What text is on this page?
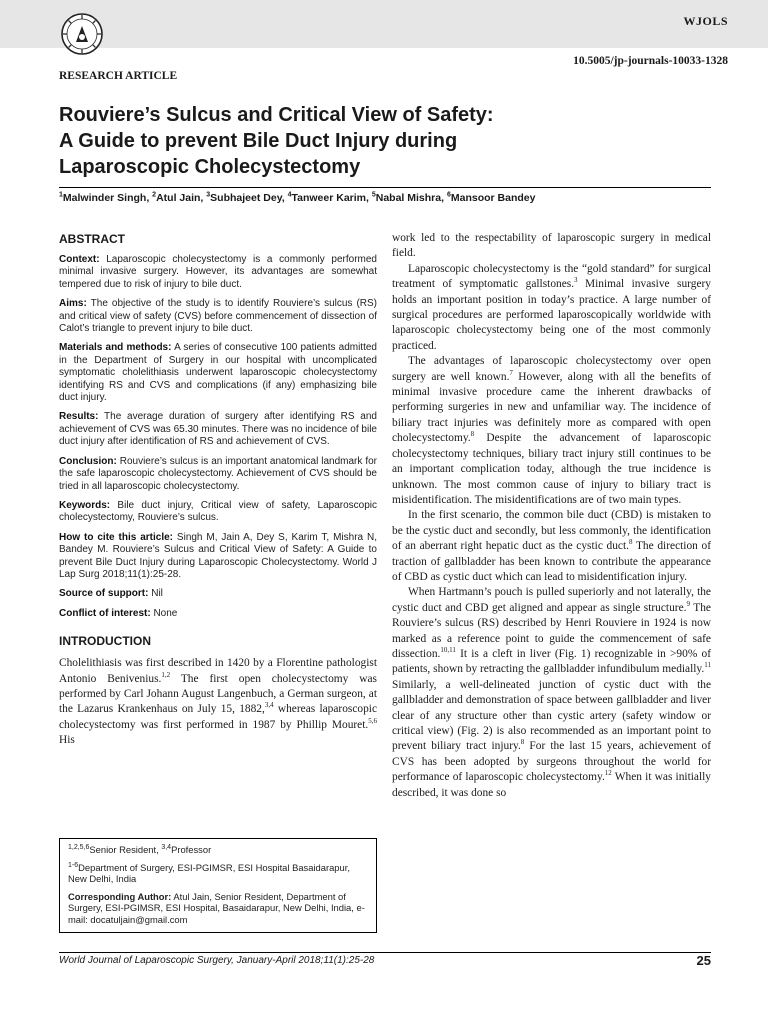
WJOLS
10.5005/jp-journals-10033-1328
RESEARCH ARTICLE
Rouviere’s Sulcus and Critical View of Safety:
A Guide to prevent Bile Duct Injury during
Laparoscopic Cholecystectomy
$^1$Malwinder Singh, $^2$Atul Jain, $^3$Subhajeet Dey, $^4$Tanweer Karim, $^5$Nabal Mishra, $^6$Mansoor Bandey
ABSTRACT

Context: Laparoscopic cholecystectomy is a commonly performed minimal invasive surgery. However, its advantages are somewhat tempered due to risk of injury to bile duct.

Aims: The objective of the study is to identify Rouviere’s sulcus (RS) and critical view of safety (CVS) before commencement of dissection of Calot’s triangle to prevent injury to bile duct.

Materials and methods: A series of consecutive 100 patients admitted in the Department of Surgery in our hospital with uncomplicated symptomatic cholelithiasis underwent laparoscopic cholecystectomy identifying RS and CVS and complications (if any) emphasizing bile duct injury.

Results: The average duration of surgery after identifying RS and achievement of CVS was 65.30 minutes. There was no incidence of bile duct injury after identification of RS and achievement of CVS.

Conclusion: Rouviere’s sulcus is an important anatomical landmark for the safe laparoscopic cholecystectomy. Achievement of CVS should be tried in all laparoscopic cholecystectomy.

Keywords: Bile duct injury, Critical view of safety, Laparoscopic cholecystectomy, Rouviere’s sulcus.

How to cite this article: Singh M, Jain A, Dey S, Karim T, Mishra N, Bandey M. Rouviere’s Sulcus and Critical View of Safety: A Guide to prevent Bile Duct Injury during Laparoscopic Cholecystectomy. World J Lap Surg 2018;11(1):25-28.

Source of support: Nil

Conflict of interest: None

INTRODUCTION

Cholelithiasis was first described in 1420 by a Florentine pathologist Antonio Benivenius.$^{1,2}$ The first open cholecystectomy was performed by Carl Johann August Langenbuch, a German surgeon, at the Lazarus Krankenhaus on July 15, 1882,$^{3,4}$ whereas laparoscopic cholecystectomy was first performed in 1987 by Phillip Mouret.$^{5,6}$ His

$^{1,2,5,6}$Senior Resident, $^{3,4}$Professor

$^{1-6}$Department of Surgery, ESI-PGIMSR, ESI Hospital Basaidarapur, New Delhi, India

Corresponding Author: Atul Jain, Senior Resident, Department of Surgery, ESI-PGIMSR, ESI Hospital, Basaidarapur, New Delhi, India, e-mail: docatuljain@gmail.com

work led to the respectability of laparoscopic surgery in medical field.

Laparoscopic cholecystectomy is the “gold standard” for surgical treatment of symptomatic gallstones.$^3$ Minimal invasive surgery holds an important position in today’s practice. A large number of surgical procedures are performed laparoscopically worldwide with laparoscopic cholecystectomy being one of the most commonly practiced.

The advantages of laparoscopic cholecystectomy over open surgery are well known.$^7$ However, along with all the benefits of minimal invasive procedure came the inherent drawbacks of performing surgeries in new and unfamiliar way. The incidence of biliary tract injuries was definitely more as compared with open cholecystectomy.$^8$ Despite the advancement of laparoscopic cholecystectomy techniques, biliary tract injury still continues to be an important complication today, although the true incidence is unknown. The most common cause of injury to biliary tract is misidentification. The misidentifications are of two main types.

In the first scenario, the common bile duct (CBD) is mistaken to be the cystic duct and secondly, but less commonly, the identification of an aberrant right hepatic duct as the cystic duct.$^8$ The direction of traction of gallbladder has been known to contribute the appearance of CBD as cystic duct which can lead to misidentification injury.

When Hartmann’s pouch is pulled superiorly and not laterally, the cystic duct and CBD get aligned and appear as single structure.$^9$ The Rouviere’s sulcus (RS) described by Henri Rouviere in 1924 is now marked as a reference point to guide the commencement of safe dissection.$^{10,11}$ It is a cleft in liver (Fig. 1) recognizable in >90% of patients, shown by retracting the gallbladder infundibulum medially.$^{11}$ Similarly, a well-delineated junction of cystic duct with the gallbladder and demonstration of space between gallbladder and liver clear of any structure other than cystic artery (safety window or critical view) (Fig. 2) is also recommended as an important point to prevent biliary tract injury.$^8$ For the last 15 years, achievement of CVS has been adopted by surgeons throughout the world for performance of laparoscopic cholecystectomy.$^{12}$ When it was initially described, it was done so

World Journal of Laparoscopic Surgery, January-April 2018;11(1):25-28	25
